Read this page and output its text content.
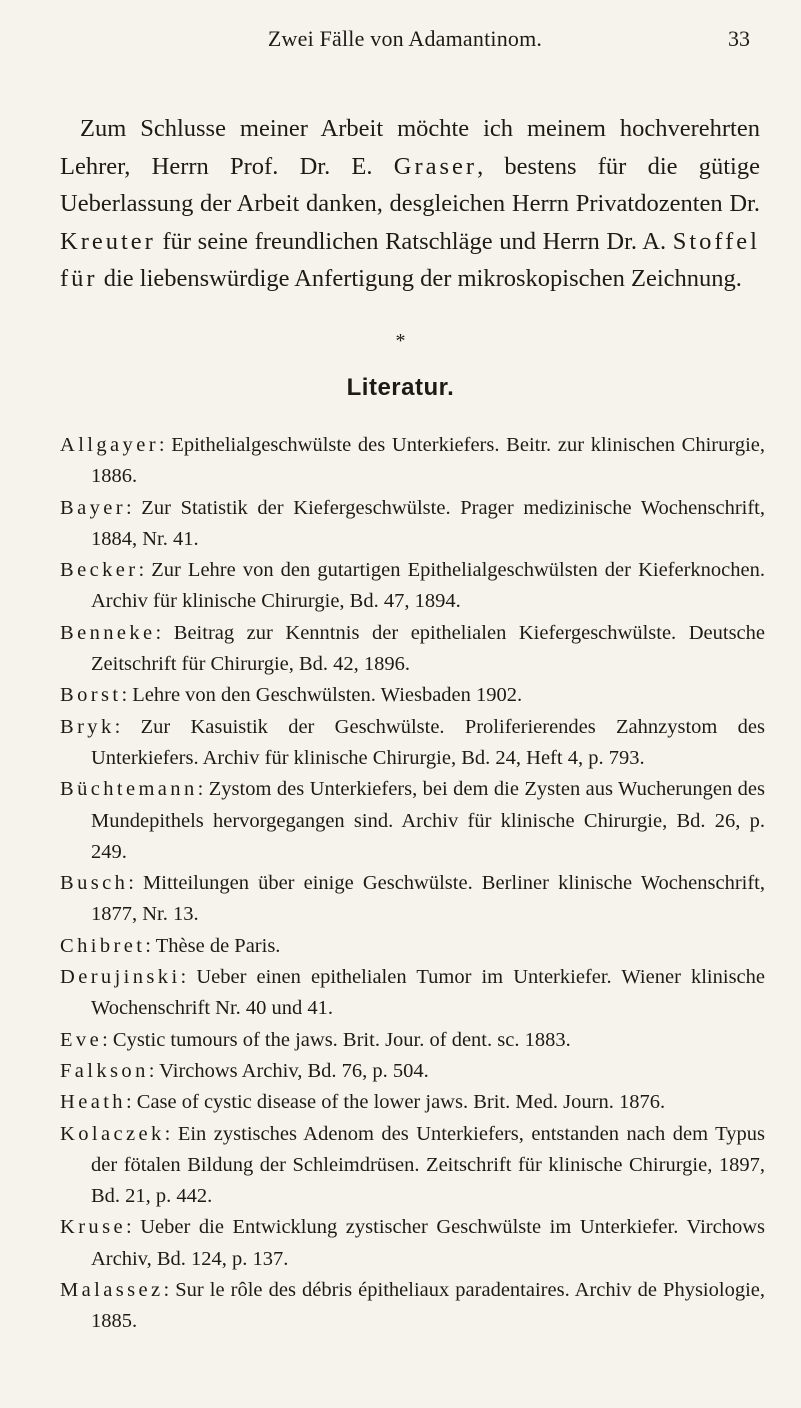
Zwei Fälle von Adamantinom.	33

Zum Schlusse meiner Arbeit möchte ich meinem hochverehrten Lehrer, Herrn Prof. Dr. E. Graser, bestens für die gütige Ueberlassung der Arbeit danken, desgleichen Herrn Privatdozenten Dr. Kreuter für seine freundlichen Ratschläge und Herrn Dr. A. Stoffel für die liebenswürdige Anfertigung der mikroskopischen Zeichnung.

*
Literatur.
Allgayer: Epithelialgeschwülste des Unterkiefers. Beitr. zur klinischen Chirurgie, 1886.
Bayer: Zur Statistik der Kiefergeschwülste. Prager medizinische Wochenschrift, 1884, Nr. 41.
Becker: Zur Lehre von den gutartigen Epithelialgeschwülsten der Kieferknochen. Archiv für klinische Chirurgie, Bd. 47, 1894.
Benneke: Beitrag zur Kenntnis der epithelialen Kiefergeschwülste. Deutsche Zeitschrift für Chirurgie, Bd. 42, 1896.
Borst: Lehre von den Geschwülsten. Wiesbaden 1902.
Bryk: Zur Kasuistik der Geschwülste. Proliferierendes Zahnzystom des Unterkiefers. Archiv für klinische Chirurgie, Bd. 24, Heft 4, p. 793.
Büchtemann: Zystom des Unterkiefers, bei dem die Zysten aus Wucherungen des Mundepithels hervorgegangen sind. Archiv für klinische Chirurgie, Bd. 26, p. 249.
Busch: Mitteilungen über einige Geschwülste. Berliner klinische Wochenschrift, 1877, Nr. 13.
Chibret: Thèse de Paris.
Derujinski: Ueber einen epithelialen Tumor im Unterkiefer. Wiener klinische Wochenschrift Nr. 40 und 41.
Eve: Cystic tumours of the jaws. Brit. Jour. of dent. sc. 1883.
Falkson: Virchows Archiv, Bd. 76, p. 504.
Heath: Case of cystic disease of the lower jaws. Brit. Med. Journ. 1876.
Kolaczek: Ein zystisches Adenom des Unterkiefers, entstanden nach dem Typus der fötalen Bildung der Schleimdrüsen. Zeitschrift für klinische Chirurgie, 1897, Bd. 21, p. 442.
Kruse: Ueber die Entwicklung zystischer Geschwülste im Unterkiefer. Virchows Archiv, Bd. 124, p. 137.
Malassez: Sur le rôle des débris épitheliaux paradentaires. Archiv de Physiologie, 1885.
